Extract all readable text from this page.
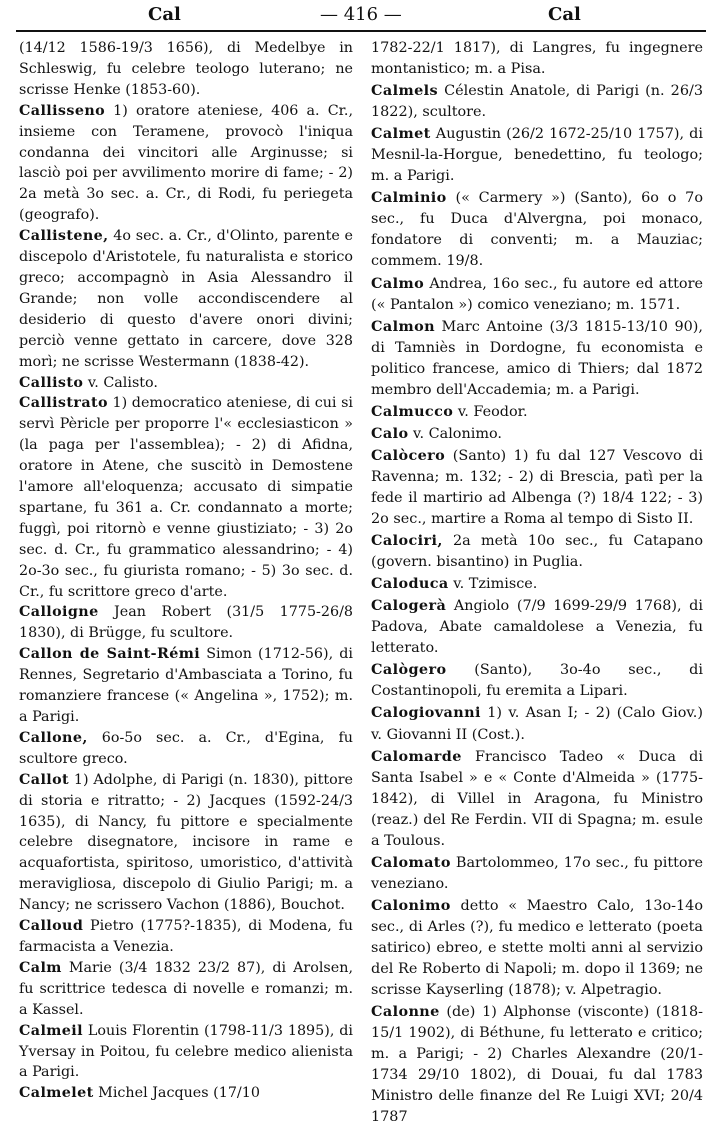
Cal	— 416 —	Cal

(14/12 1586-19/3 1656), di Medelbye in Schleswig, fu celebre teologo luterano; ne scrisse Henke (1853-60).

Callisseno 1) oratore ateniese, 406 a. Cr., insieme con Teramene, provocò l'iniqua condanna dei vincitori alle Arginusse; si lasciò poi per avvilimento morire di fame; - 2) 2a metà 3o sec. a. Cr., di Rodi, fu periegeta (geografo).

Callistene, 4o sec. a. Cr., d'Olinto, parente e discepolo d'Aristotele, fu naturalista e storico greco; accompagnò in Asia Alessandro il Grande; non volle accondiscendere al desiderio di questo d'avere onori divini; perciò venne gettato in carcere, dove 328 morì; ne scrisse Westermann (1838-42).

Callisto v. Calisto.

Callistrato 1) democratico ateniese, di cui si servì Pèricle per proporre l'« ecclesiasticon » (la paga per l'assemblea); - 2) di Afidna, oratore in Atene, che suscitò in Demostene l'amore all'eloquenza; accusato di simpatie spartane, fu 361 a. Cr. condannato a morte; fuggì, poi ritornò e venne giustiziato; - 3) 2o sec. d. Cr., fu grammatico alessandrino; - 4) 2o-3o sec., fu giurista romano; - 5) 3o sec. d. Cr., fu scrittore greco d'arte.

Calloigne Jean Robert (31/5 1775-26/8 1830), di Brügge, fu scultore.

Callon de Saint-Rémi Simon (1712-56), di Rennes, Segretario d'Ambasciata a Torino, fu romanziere francese (« Angelina », 1752); m. a Parigi.

Callone, 6o-5o sec. a. Cr., d'Egina, fu scultore greco.

Callot 1) Adolphe, di Parigi (n. 1830), pittore di storia e ritratto; - 2) Jacques (1592-24/3 1635), di Nancy, fu pittore e specialmente celebre disegnatore, incisore in rame e acquafortista, spiritoso, umoristico, d'attività meravigliosa, discepolo di Giulio Parigi; m. a Nancy; ne scrissero Vachon (1886), Bouchot.

Calloud Pietro (1775?-1835), di Modena, fu farmacista a Venezia.

Calm Marie (3/4 1832 23/2 87), di Arolsen, fu scrittrice tedesca di novelle e romanzi; m. a Kassel.

Calmeil Louis Florentin (1798-11/3 1895), di Yversay in Poitou, fu celebre medico alienista a Parigi.

Calmelet Michel Jacques (17/10

1782-22/1 1817), di Langres, fu ingegnere montanistico; m. a Pisa.

Calmels Célestin Anatole, di Parigi (n. 26/3 1822), scultore.

Calmet Augustin (26/2 1672-25/10 1757), di Mesnil-la-Horgue, benedettino, fu teologo; m. a Parigi.

Calminio (« Carmery ») (Santo), 6o o 7o sec., fu Duca d'Alvergna, poi monaco, fondatore di conventi; m. a Mauziac; commem. 19/8.

Calmo Andrea, 16o sec., fu autore ed attore (« Pantalon ») comico veneziano; m. 1571.

Calmon Marc Antoine (3/3 1815-13/10 90), di Tamniès in Dordogne, fu economista e politico francese, amico di Thiers; dal 1872 membro dell'Accademia; m. a Parigi.

Calmucco v. Feodor.

Calo v. Calonimo.

Calòcero (Santo) 1) fu dal 127 Vescovo di Ravenna; m. 132; - 2) di Brescia, patì per la fede il martirio ad Albenga (?) 18/4 122; - 3) 2o sec., martire a Roma al tempo di Sisto II.

Calociri, 2a metà 10o sec., fu Catapano (govern. bisantino) in Puglia.

Caloduca v. Tzimisce.

Calogerà Angiolo (7/9 1699-29/9 1768), di Padova, Abate camaldolese a Venezia, fu letterato.

Calògero (Santo), 3o-4o sec., di Costantinopoli, fu eremita a Lipari.

Calogiovanni 1) v. Asan I; - 2) (Calo Giov.) v. Giovanni II (Cost.).

Calomarde Francisco Tadeo « Duca di Santa Isabel » e « Conte d'Almeida » (1775-1842), di Villel in Aragona, fu Ministro (reaz.) del Re Ferdin. VII di Spagna; m. esule a Toulous.

Calomato Bartolommeo, 17o sec., fu pittore veneziano.

Calonimo detto « Maestro Calo, 13o-14o sec., di Arles (?), fu medico e letterato (poeta satirico) ebreo, e stette molti anni al servizio del Re Roberto di Napoli; m. dopo il 1369; ne scrisse Kayserling (1878); v. Alpetragio.

Calonne (de) 1) Alphonse (visconte) (1818-15/1 1902), di Béthune, fu letterato e critico; m. a Parigi; - 2) Charles Alexandre (20/1-1734 29/10 1802), di Douai, fu dal 1783 Ministro delle finanze del Re Luigi XVI; 20/4 1787
